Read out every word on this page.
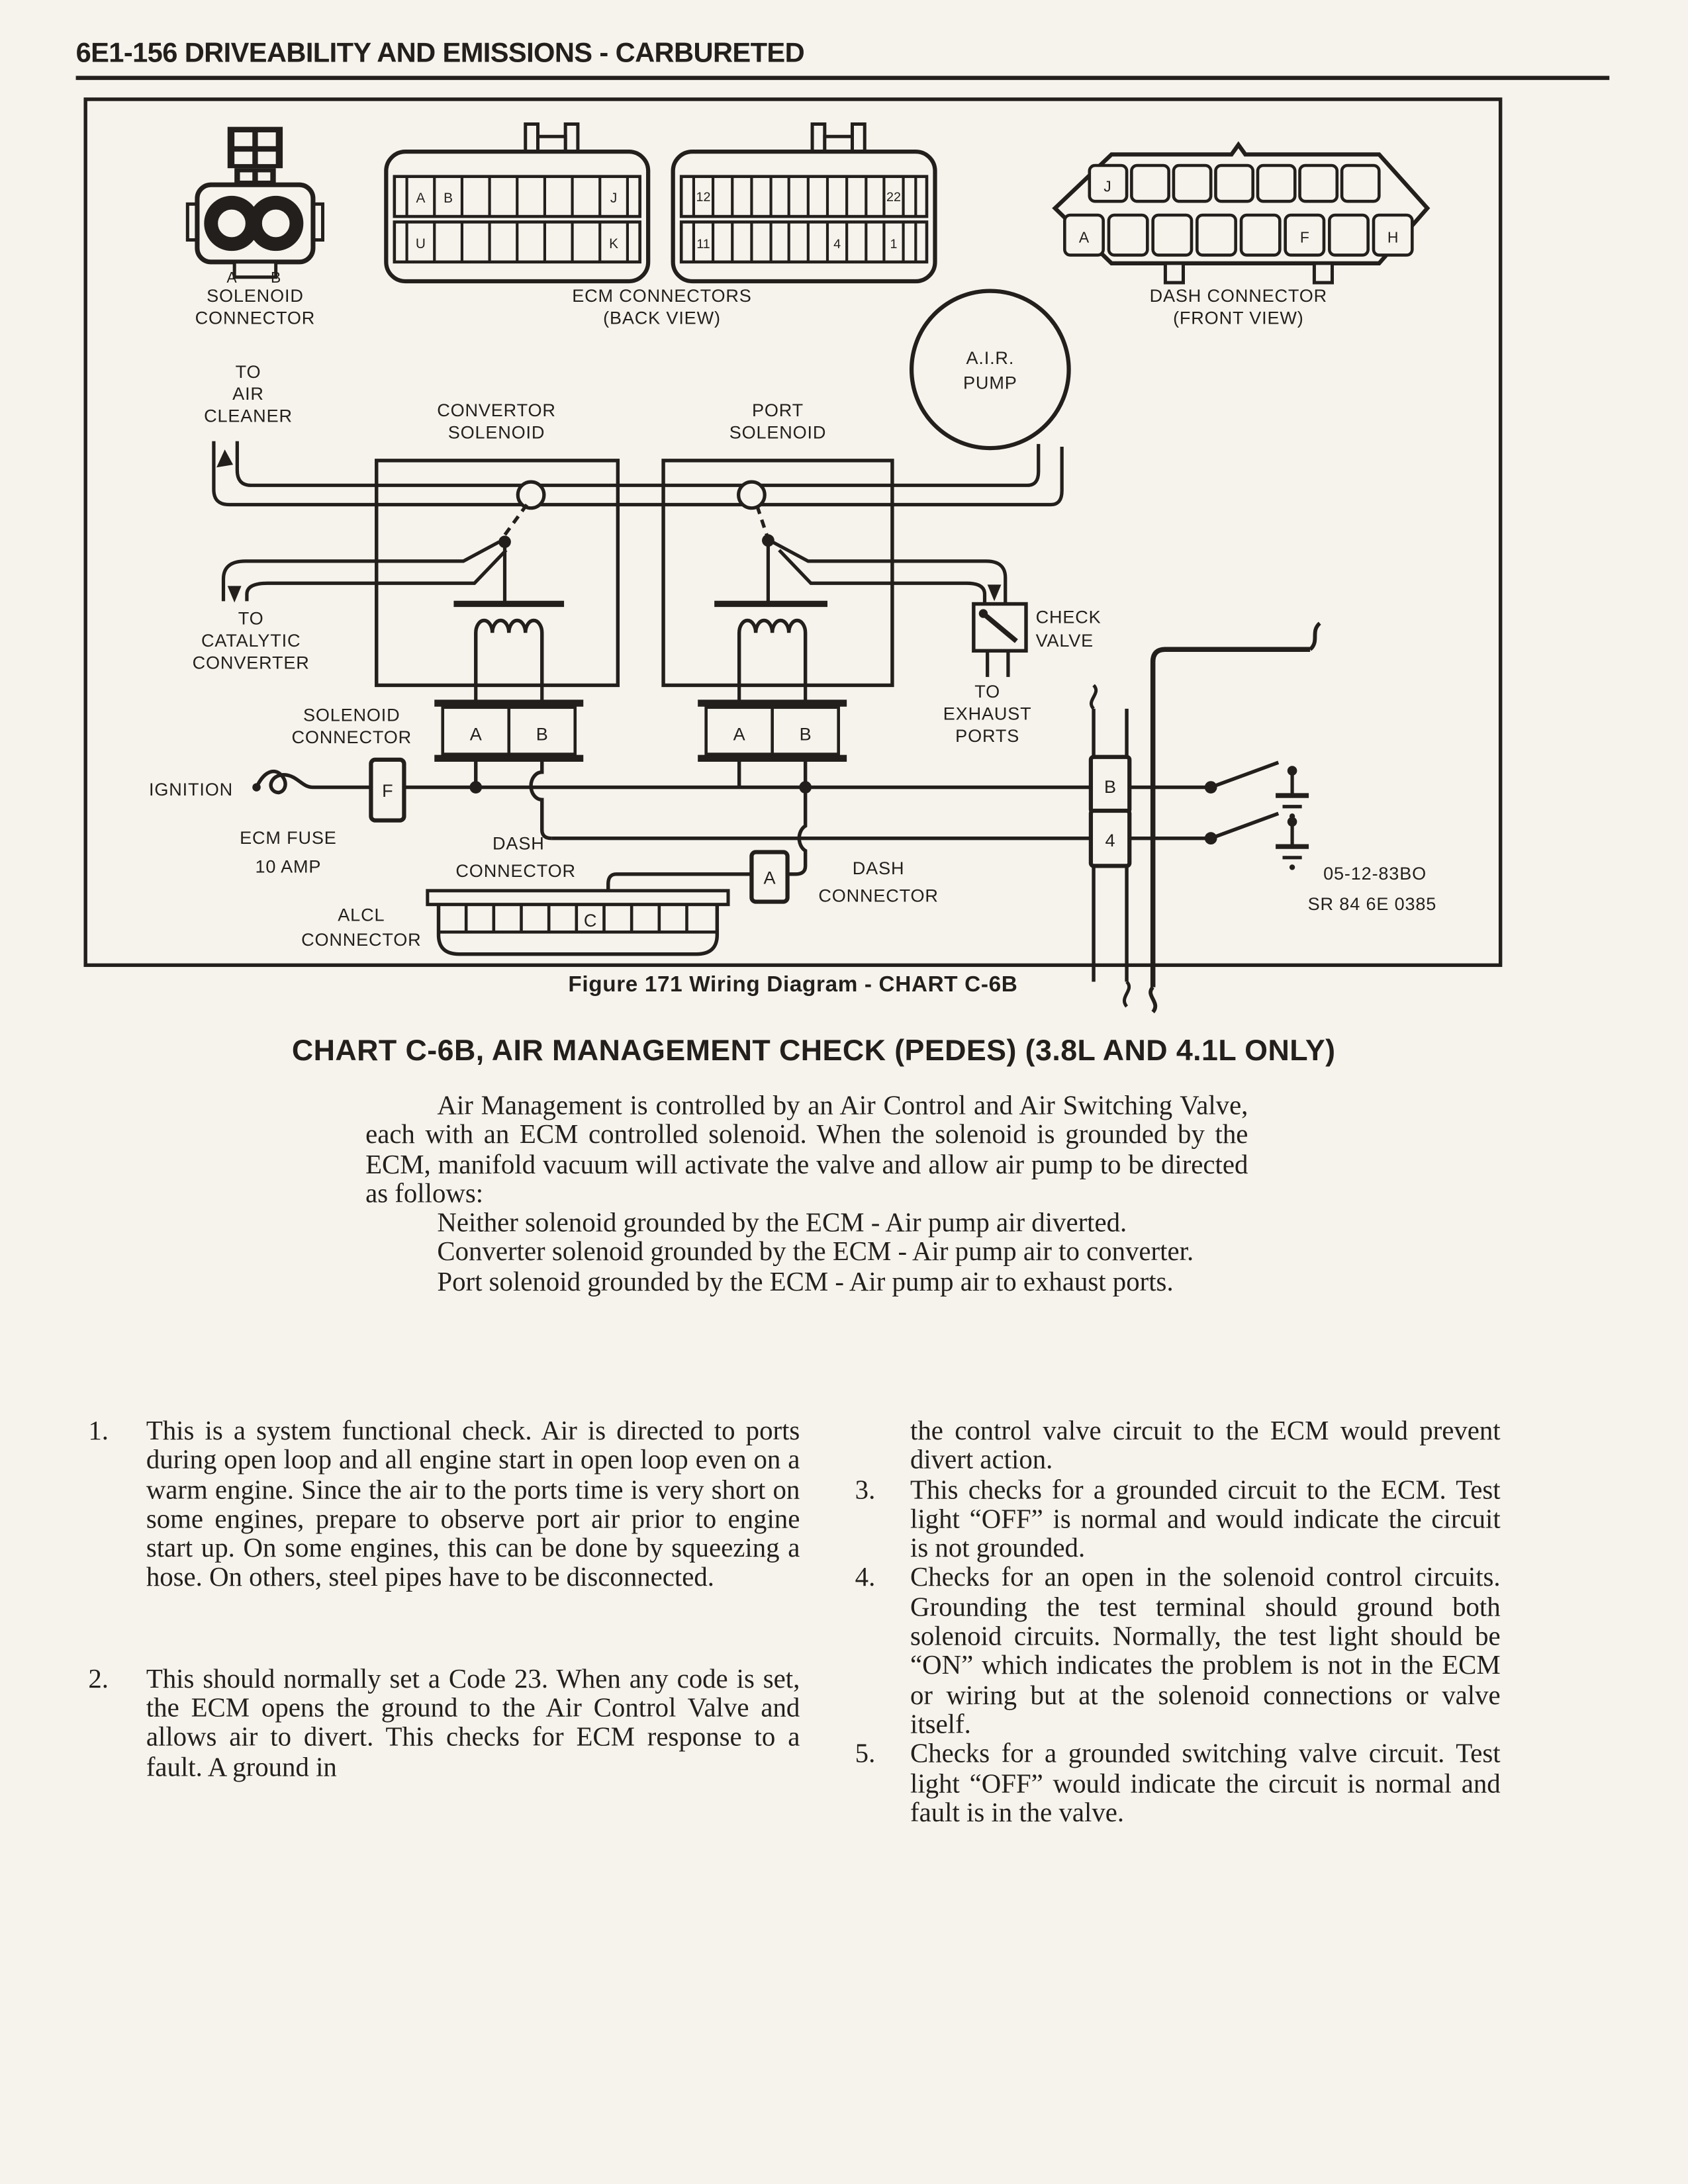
6E1-156 DRIVEABILITY AND EMISSIONS - CARBURETED
A	B
SOLENOID
CONNECTOR
A	B	J
U	K
12	22
11	4	1
ECM CONNECTORS
(BACK VIEW)
J
A	F	H
DASH CONNECTOR
(FRONT VIEW)
TO
AIR
CLEANER	CONVERTOR
SOLENOID
PORT
SOLENOID
A.I.R.
PUMP
TO
CATALYTIC
CONVERTER
CHECK
VALVE
TO
EXHAUST
PORTS
SOLENOID
CONNECTOR	A	B	A	B
IGNITION
ECM FUSE
10 AMP
F
DASH
CONNECTOR	A	DASH
CONNECTOR
ALCL
CONNECTOR
C
B
4
05-12-83BO
SR 84 6E 0385
Figure 171 Wiring Diagram - CHART C-6B
CHART C-6B, AIR MANAGEMENT CHECK (PEDES) (3.8L AND 4.1L ONLY)

Air Management is controlled by an Air Control and Air Switching Valve, each with an ECM controlled solenoid. When the solenoid is grounded by the ECM, manifold vacuum will activate the valve and allow air pump to be directed as follows:

Neither solenoid grounded by the ECM - Air pump air diverted.

Converter solenoid grounded by the ECM - Air pump air to converter.

Port solenoid grounded by the ECM - Air pump air to exhaust ports.

1.	This is a system functional check. Air is directed to ports during open loop and all engine start in open loop even on a warm engine. Since the air to the ports time is very short on some engines, prepare to observe port air prior to engine start up. On some engines, this can be done by squeezing a hose. On others, steel pipes have to be disconnected.
2.	This should normally set a Code 23. When any code is set, the ECM opens the ground to the Air Control Valve and allows air to divert. This checks for ECM response to a fault. A ground in
the control valve circuit to the ECM would prevent divert action.
3.	This checks for a grounded circuit to the ECM. Test light “OFF” is normal and would indicate the circuit is not grounded.
4.	Checks for an open in the solenoid control circuits. Grounding the test terminal should ground both solenoid circuits. Normally, the test light should be “ON” which indicates the problem is not in the ECM or wiring but at the solenoid connections or valve itself.
5.	Checks for a grounded switching valve circuit. Test light “OFF” would indicate the circuit is normal and fault is in the valve.
